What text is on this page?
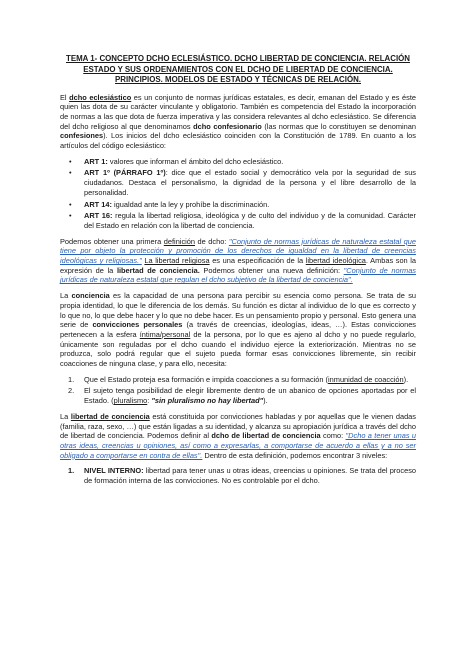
TEMA 1- CONCEPTO DCHO ECLESIÁSTICO. DCHO LIBERTAD DE CONCIENCIA. RELACIÓN ESTADO Y SUS ORDENAMIENTOS CON EL DCHO DE LIBERTAD DE CONCIENCIA. PRINCIPIOS. MODELOS DE ESTADO Y TÉCNICAS DE RELACIÓN.

El dcho eclesiástico es un conjunto de normas jurídicas estatales, es decir, emanan del Estado y es éste quien las dota de su carácter vinculante y obligatorio. También es competencia del Estado la incorporación de normas a las que dota de fuerza imperativa y las considera relevantes al dcho eclesiástico. Se diferencia del dcho religioso al que denominamos dcho confesionario (las normas que lo constituyen se denominan confesiones). Los inicios del dcho eclesiástico coinciden con la Constitución de 1789. En cuanto a los artículos del código eclesiástico:

• ART 1: valores que informan el ámbito del dcho eclesiástico.
• ART 1º (PÁRRAFO 1º): dice que el estado social y democrático vela por la seguridad de sus ciudadanos. Destaca el personalismo, la dignidad de la persona y el libre desarrollo de la personalidad.
• ART 14: igualdad ante la ley y prohíbe la discriminación.
• ART 16: regula la libertad religiosa, ideológica y de culto del individuo y de la comunidad. Carácter del Estado en relación con la libertad de conciencia.

Podemos obtener una primera definición de dcho: "Conjunto de normas jurídicas de naturaleza estatal que tiene por objeto la protección y promoción de los derechos de igualdad en la libertad de creencias ideológicas y religiosas." La libertad religiosa es una especificación de la libertad ideológica. Ambas son la expresión de la libertad de conciencia. Podemos obtener una nueva definición: "Conjunto de normas jurídicas de naturaleza estatal que regulan el dcho subjetivo de la libertad de conciencia".

La conciencia es la capacidad de una persona para percibir su esencia como persona. Se trata de su propia identidad, lo que le diferencia de los demás. Su función es dictar al individuo de lo que es correcto y lo que no, lo que debe hacer y lo que no debe hacer. Es un pensamiento propio y personal. Esto genera una serie de convicciones personales (a través de creencias, ideologías, ideas, …). Estas convicciones pertenecen a la esfera íntima/personal de la persona, por lo que es ajeno al dcho y no puede regularlo, únicamente son reguladas por el dcho cuando el individuo ejerce la exteriorización. Mientras no se produzca, solo podrá regular que el sujeto pueda formar esas convicciones libremente, sin recibir coacciones de ninguna clase, y para ello, necesita:

1. Que el Estado proteja esa formación e impida coacciones a su formación (inmunidad de coacción).
2. El sujeto tenga posibilidad de elegir libremente dentro de un abanico de opciones aportadas por el Estado. (pluralismo: "sin pluralismo no hay libertad").

La libertad de conciencia está constituida por convicciones habladas y por aquellas que le vienen dadas (familia, raza, sexo, …) que están ligadas a su identidad, y alcanza su apropiación jurídica a través del dcho de libertad de conciencia. Podemos definir al dcho de libertad de conciencia como: "Dcho a tener unas u otras ideas, creencias u opiniones, así como a expresarlas, a comportarse de acuerdo a ellas y a no ser obligado a comportarse en contra de ellas". Dentro de esta definición, podemos encontrar 3 niveles:

1. NIVEL INTERNO: libertad para tener unas u otras ideas, creencias u opiniones. Se trata del proceso de formación interna de las convicciones. No es controlable por el dcho.
